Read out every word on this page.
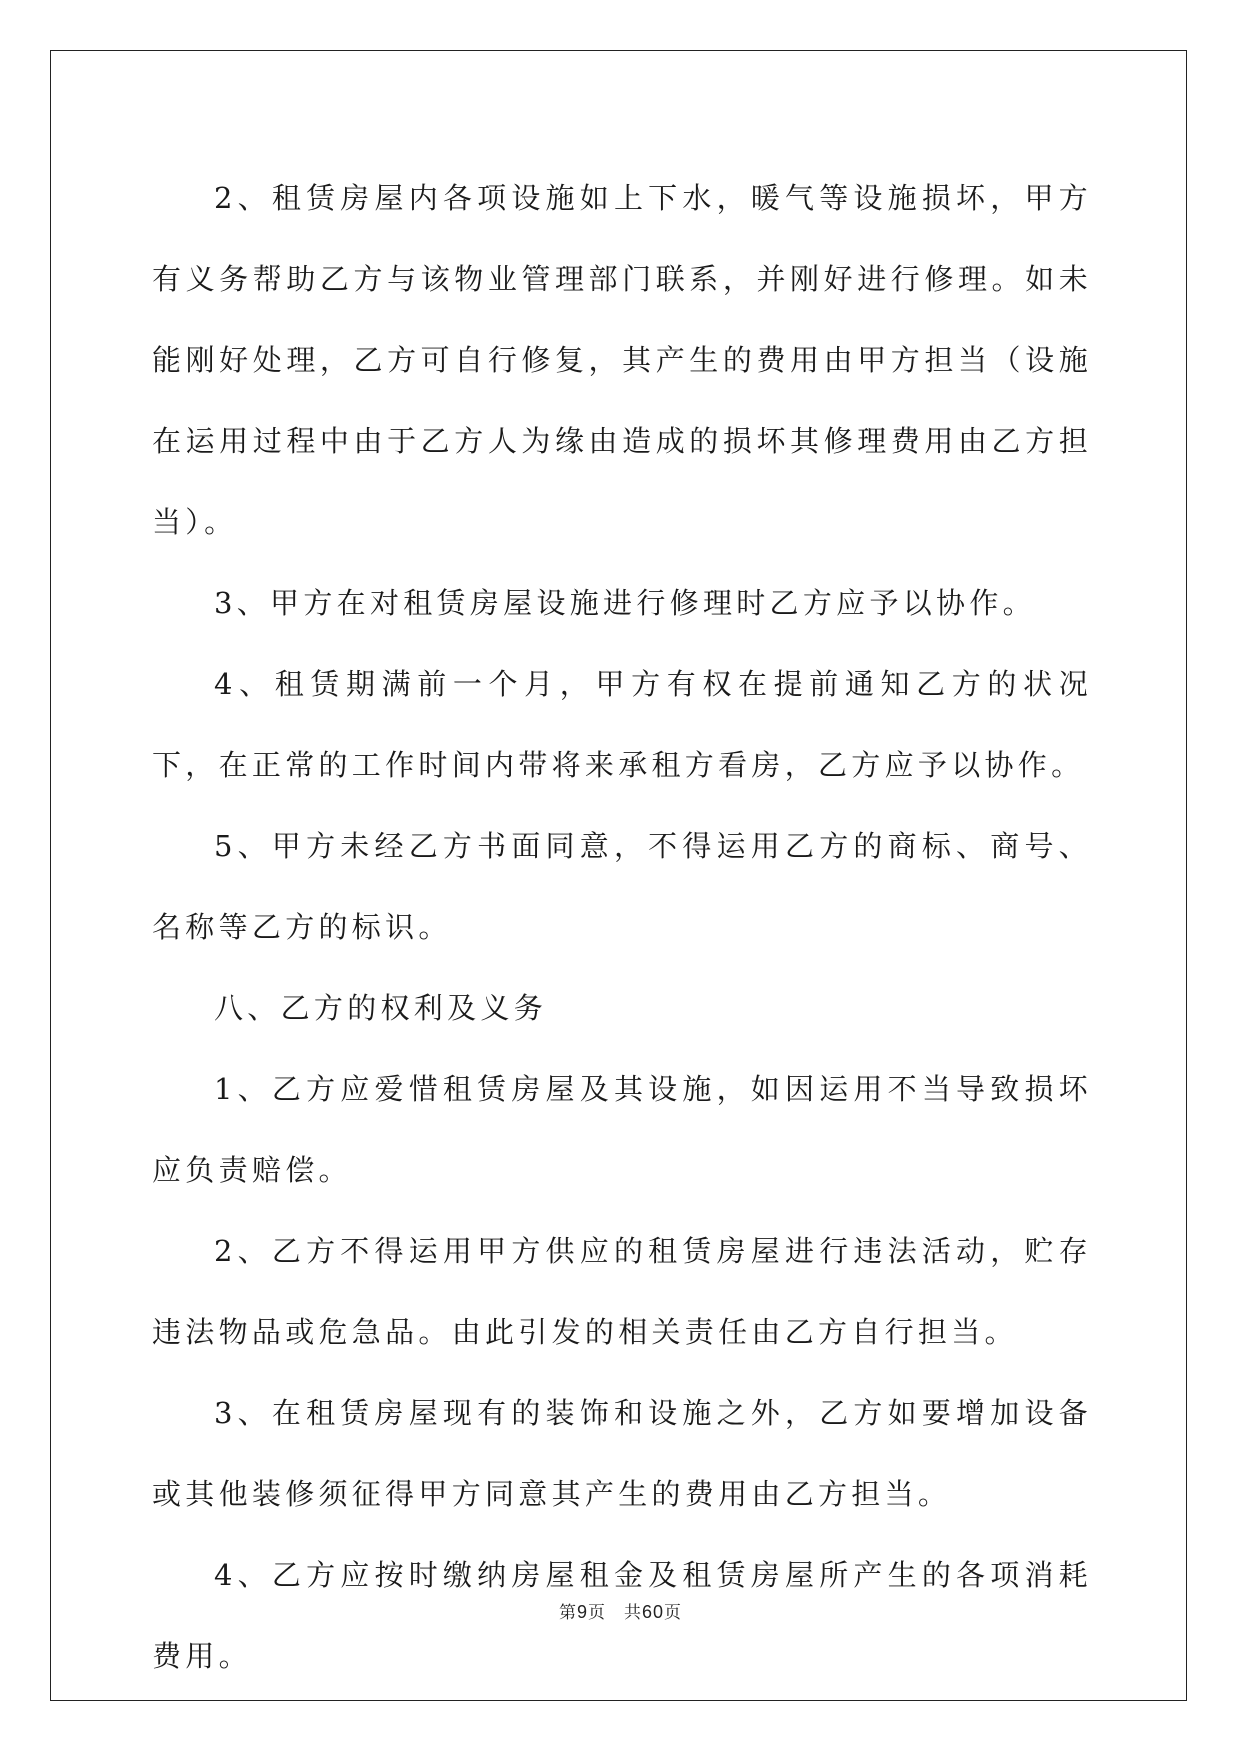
2、租赁房屋内各项设施如上下水，暖气等设施损坏，甲方有义务帮助乙方与该物业管理部门联系，并刚好进行修理。如未能刚好处理，乙方可自行修复，其产生的费用由甲方担当（设施在运用过程中由于乙方人为缘由造成的损坏其修理费用由乙方担当）。

3、甲方在对租赁房屋设施进行修理时乙方应予以协作。

4、租赁期满前一个月，甲方有权在提前通知乙方的状况下，在正常的工作时间内带将来承租方看房，乙方应予以协作。

5、甲方未经乙方书面同意，不得运用乙方的商标、商号、名称等乙方的标识。

八、乙方的权利及义务

1、乙方应爱惜租赁房屋及其设施，如因运用不当导致损坏应负责赔偿。

2、乙方不得运用甲方供应的租赁房屋进行违法活动，贮存违法物品或危急品。由此引发的相关责任由乙方自行担当。

3、在租赁房屋现有的装饰和设施之外，乙方如要增加设备或其他装修须征得甲方同意其产生的费用由乙方担当。

4、乙方应按时缴纳房屋租金及租赁房屋所产生的各项消耗费用。

第9页 共60页
